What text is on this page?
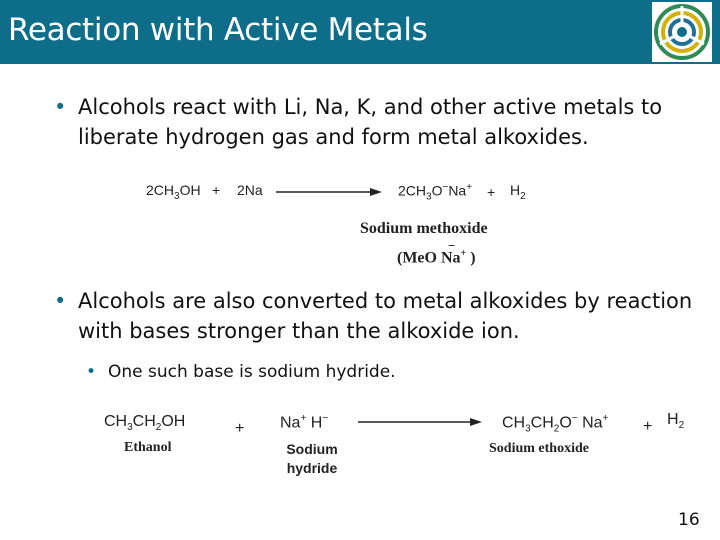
Reaction with Active Metals
• Alcohols react with Li, Na, K, and other active metals to liberate hydrogen gas and form metal alkoxides.
$2CH_3OH + 2Na$	$2CH_3O^-Na^+ + H_2$
Sodium methoxide
(MeO Na+ )
−
• Alcohols are also converted to metal alkoxides by reaction with bases stronger than the alkoxide ion.
• One such base is sodium hydride.
$CH_3CH_2OH$
Ethanol
+ Na+ H−
Sodium
hydride
$CH_3CH_2O^-$ Na+
Sodium ethoxide
+ $H_2$
16
